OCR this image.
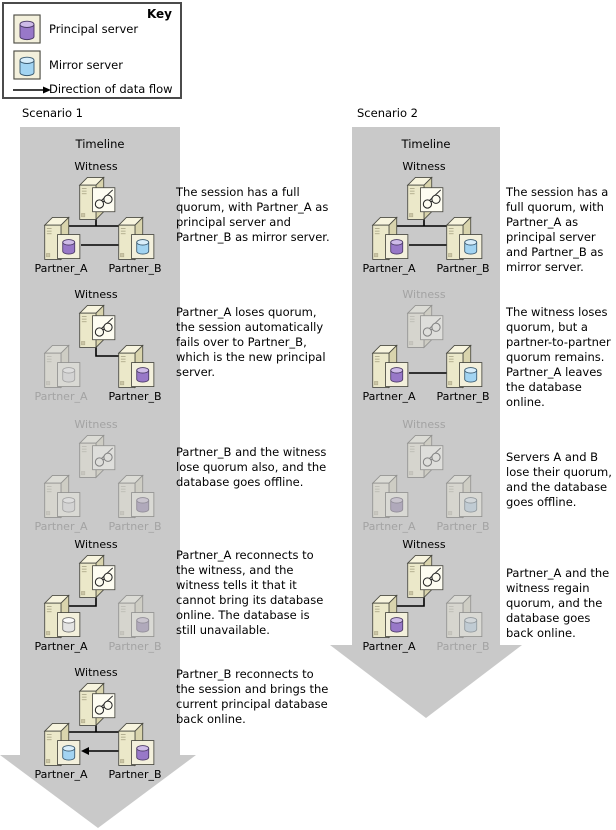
Key
Principal server
Mirror server
Direction of data flow
Scenario 1	Scenario 2
Timeline	Timeline
Witness
Partner_A	Partner_B
Witness
Partner_A	Partner_B
Witness
Partner_A	Partner_B
Witness
Partner_A	Partner_B
Witness
Partner_A	Partner_B
The session has a full quorum, with Partner_A as principal server and Partner_B as mirror server.
Partner_A loses quorum, the session automatically fails over to Partner_B, which is the new principal server.
Partner_B and the witness lose quorum also, and the database goes offline.
Partner_A reconnects to the witness, and the witness tells it that it cannot bring its database online. The database is still unavailable.
Partner_B reconnects to the session and brings the current principal database back online.
Witness
Partner_A	Partner_B
Witness
Partner_A	Partner_B
Witness
Partner_A	Partner_B
Witness
Partner_A	Partner_B
The session has a full quorum, with Partner_A as principal server and Partner_B as mirror server.
The witness loses quorum, but a partner-to-partner quorum remains. Partner_A leaves the database online.
Servers A and B lose their quorum, and the database goes offline.
Partner_A and the witness regain quorum, and the database goes back online.
